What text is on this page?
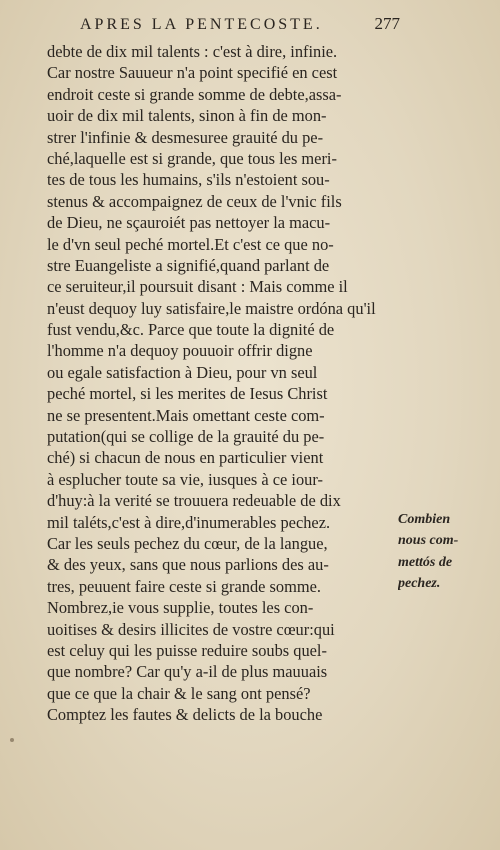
APRES LA PENTECOSTE.	277
debte de dix mil talents : c'est à dire, infinie.
Car nostre Sauueur n'a point specifié en cest
endroit ceste si grande somme de debte,assa-
uoir de dix mil talents, sinon à fin de mon-
strer l'infinie & desmesuree grauité du pe-
ché,laquelle est si grande, que tous les meri-
tes de tous les humains, s'ils n'estoient sou-
stenus & accompaignez de ceux de l'vnic fils
de Dieu, ne sçauroiét pas nettoyer la macu-
le d'vn seul peché mortel.Et c'est ce que no-
stre Euangeliste a signifié,quand parlant de
ce seruiteur,il poursuit disant : Mais comme il
n'eust dequoy luy satisfaire,le maistre ordóna qu'il
fust vendu,&c. Parce que toute la dignité de
l'homme n'a dequoy pouuoir offrir digne
ou egale satisfaction à Dieu, pour vn seul
peché mortel, si les merites de Iesus Christ
ne se presentent.Mais omettant ceste com-
putation(qui se collige de la grauité du pe-
ché) si chacun de nous en particulier vient
à esplucher toute sa vie, iusques à ce iour-
d'huy:à la verité se trouuera redeuable de dix
mil taléts,c'est à dire,d'inumerables pechez.
Car les seuls pechez du cœur, de la langue,
& des yeux, sans que nous parlions des au-
tres, peuuent faire ceste si grande somme.
Nombrez,ie vous supplie, toutes les con-
uoitises & desirs illicites de vostre cœur:qui
est celuy qui les puisse reduire soubs quel-
que nombre? Car qu'y a-il de plus mauuais
que ce que la chair & le sang ont pensé?
Comptez les fautes & delicts de la bouche
Combien
nous com-
mettós de
pechez.
